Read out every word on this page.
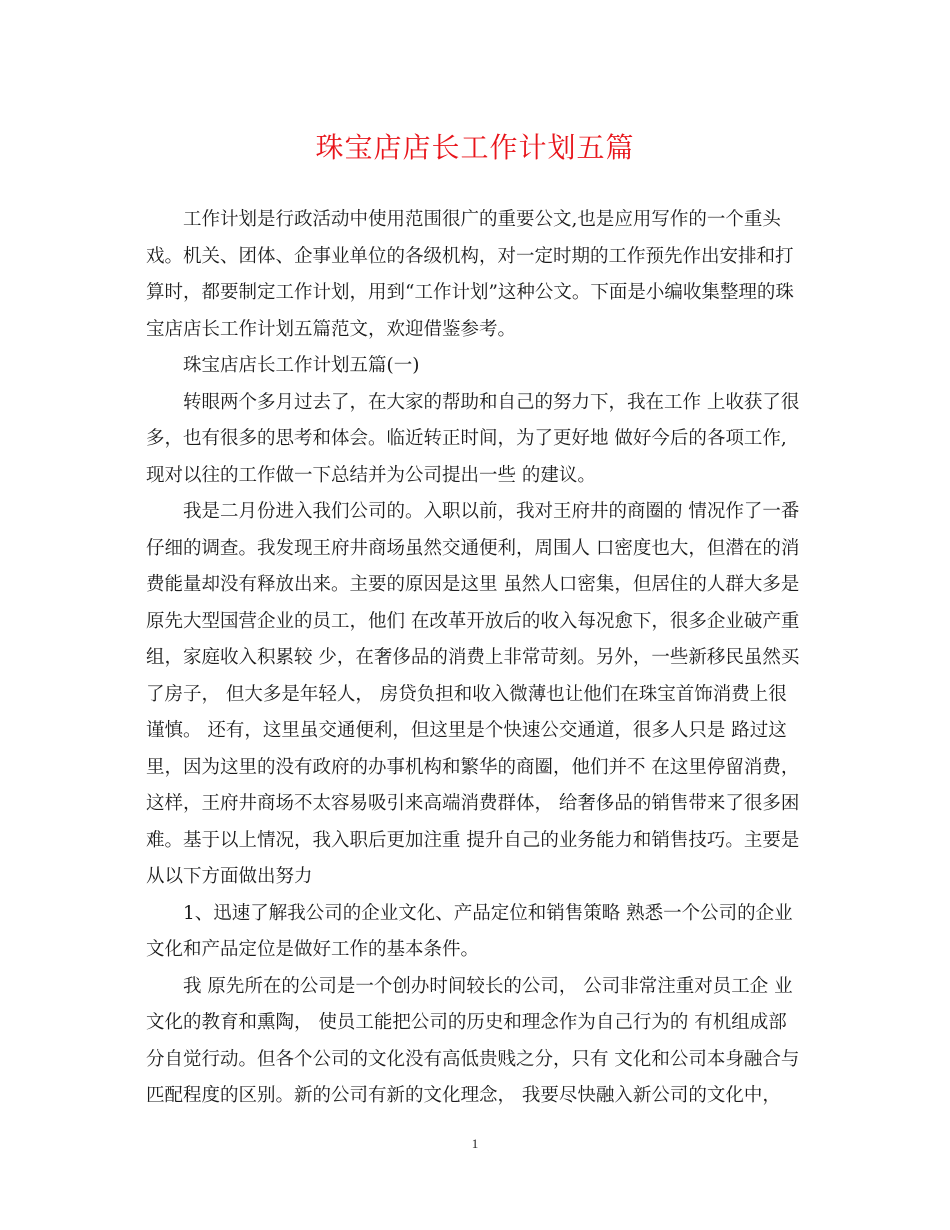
珠宝店店长工作计划五篇

工作计划是行政活动中使用范围很广的重要公文,也是应用写作的一个重头
戏。机关、团体、企事业单位的各级机构，对一定时期的工作预先作出安排和打
算时，都要制定工作计划，用到“工作计划”这种公文。下面是小编收集整理的珠
宝店店长工作计划五篇范文，欢迎借鉴参考。

珠宝店店长工作计划五篇(一)

转眼两个多月过去了，在大家的帮助和自己的努力下，我在工作 上收获了很
多，也有很多的思考和体会。临近转正时间，为了更好地 做好今后的各项工作,
现对以往的工作做一下总结并为公司提出一些 的建议。

我是二月份进入我们公司的。入职以前，我对王府井的商圈的 情况作了一番
仔细的调查。我发现王府井商场虽然交通便利，周围人 口密度也大，但潜在的消
费能量却没有释放出来。主要的原因是这里 虽然人口密集，但居住的人群大多是
原先大型国营企业的员工，他们 在改革开放后的收入每况愈下，很多企业破产重
组，家庭收入积累较 少，在奢侈品的消费上非常苛刻。另外，一些新移民虽然买
了房子， 但大多是年轻人， 房贷负担和收入微薄也让他们在珠宝首饰消费上很
谨慎。 还有，这里虽交通便利，但这里是个快速公交通道，很多人只是 路过这
里，因为这里的没有政府的办事机构和繁华的商圈，他们并不 在这里停留消费，
这样，王府井商场不太容易吸引来高端消费群体， 给奢侈品的销售带来了很多困
难。基于以上情况，我入职后更加注重 提升自己的业务能力和销售技巧。主要是
从以下方面做出努力

1、迅速了解我公司的企业文化、产品定位和销售策略 熟悉一个公司的企业
文化和产品定位是做好工作的基本条件。

我 原先所在的公司是一个创办时间较长的公司， 公司非常注重对员工企 业
文化的教育和熏陶， 使员工能把公司的历史和理念作为自己行为的 有机组成部
分自觉行动。但各个公司的文化没有高低贵贱之分，只有 文化和公司本身融合与
匹配程度的区别。新的公司有新的文化理念， 我要尽快融入新公司的文化中，

1
